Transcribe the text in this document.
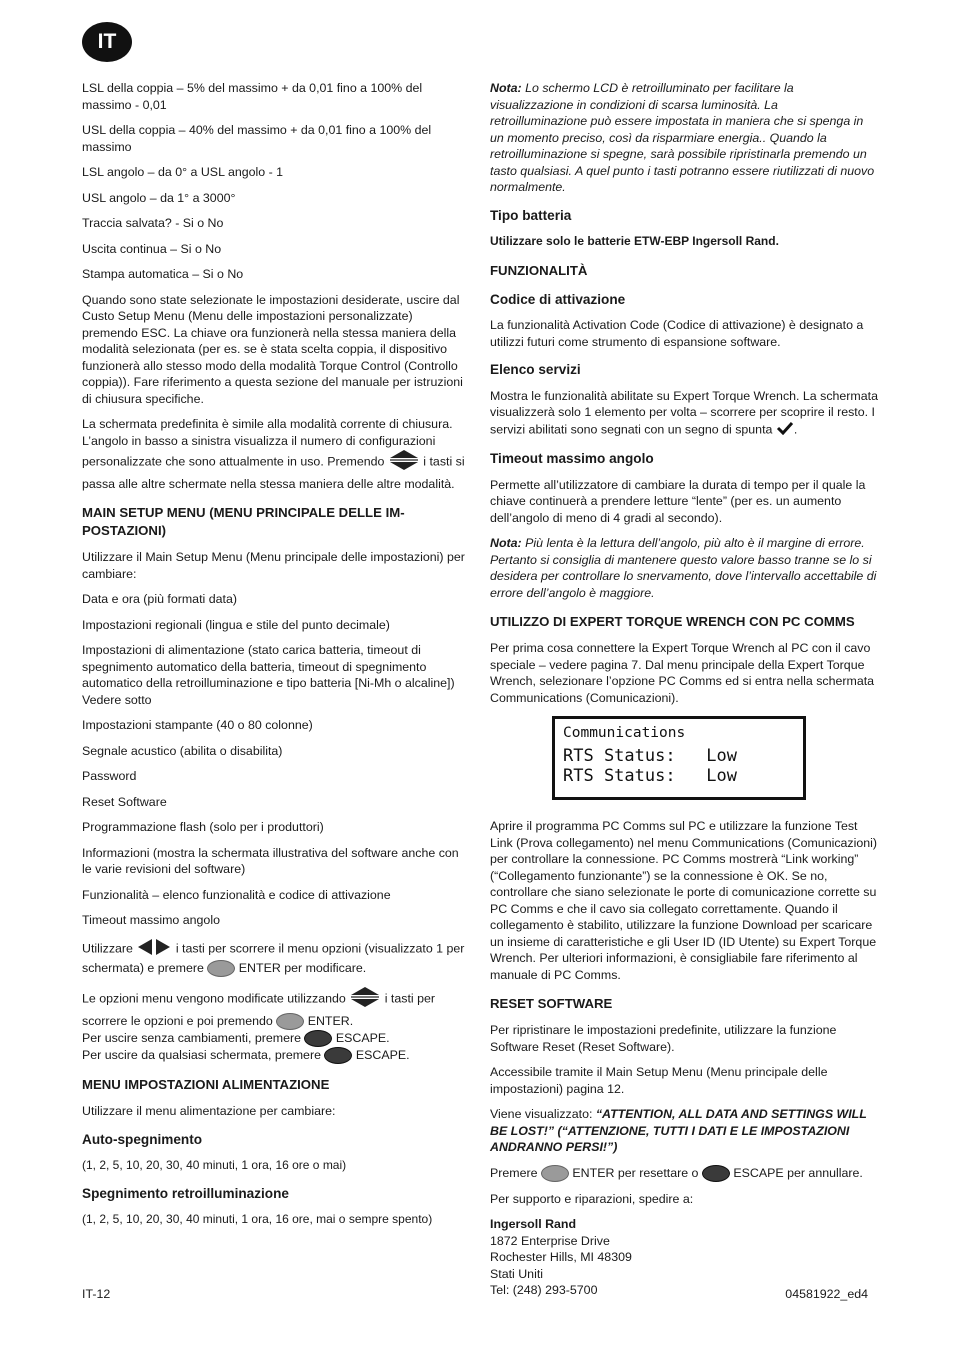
IT

LSL della coppia – 5% del massimo + da 0,01 fino a 100% del massimo - 0,01

USL della coppia – 40% del massimo + da 0,01 fino a 100% del massimo

LSL angolo – da 0° a USL angolo - 1

USL angolo – da 1° a 3000°

Traccia salvata? - Si o No

Uscita continua – Si o No

Stampa automatica – Si o No

Quando sono state selezionate le impostazioni desiderate, uscire dal Custo Setup Menu (Menu delle impostazioni personalizzate) premendo ESC. La chiave ora funzionerà nella stessa maniera della modalità selezionata (per es. se è stata scelta coppia, il dispositivo funzionerà allo stesso modo della modalità Torque Control (Controllo coppia)). Fare riferimento a questa sezione del manuale per istruzioni di chiusura specifiche.

La schermata predefinita è simile alla modalità corrente di chiusura. L’angolo in basso a sinistra visualizza il numero di configurazioni personalizzate che sono attualmente in uso. Premendo	i tasti si passa alle altre schermate nella stessa maniera delle altre modalità.

MAIN SETUP MENU (MENU PRINCIPALE DELLE IM-POSTAZIONI)

Utilizzare il Main Setup Menu (Menu principale delle impostazioni) per cambiare:

Data e ora (più formati data)

Impostazioni regionali (lingua e stile del punto decimale)

Impostazioni di alimentazione (stato carica batteria, timeout di spegnimento automatico della batteria, timeout di spegnimento automatico della retroilluminazione e tipo batteria [Ni-Mh o alcaline]) Vedere sotto

Impostazioni stampante (40 o 80 colonne)

Segnale acustico (abilita o disabilita)

Password

Reset Software

Programmazione flash (solo per i produttori)

Informazioni (mostra la schermata illustrativa del software anche con le varie revisioni del software)

Funzionalità – elenco funzionalità e codice di attivazione

Timeout massimo angolo

Utilizzare	i tasti per scorrere il menu opzioni (visualizzato 1 per schermata) e premere	ENTER per modificare.

Le opzioni menu vengono modificate utilizzando	i tasti per scorrere le opzioni e poi premendo	ENTER.
Per uscire senza cambiamenti, premere	ESCAPE.
Per uscire da qualsiasi schermata, premere	ESCAPE.
MENU IMPOSTAZIONI ALIMENTAZIONE

Utilizzare il menu alimentazione per cambiare:

Auto-spegnimento

(1, 2, 5, 10, 20, 30, 40 minuti, 1 ora, 16 ore o mai)

Spegnimento retroilluminazione

(1, 2, 5, 10, 20, 30, 40 minuti, 1 ora, 16 ore, mai o sempre spento)

Nota: Lo schermo LCD è retroilluminato per facilitare la visualizzazione in condizioni di scarsa luminosità. La retroilluminazione può essere impostata in maniera che si spenga in un momento preciso, così da risparmiare energia.. Quando la retroilluminazione si spegne, sarà possibile ripristinarla premendo un tasto qualsiasi. A quel punto i tasti potranno essere riutilizzati di nuovo normalmente.

Tipo batteria

Utilizzare solo le batterie ETW-EBP Ingersoll Rand.

FUNZIONALITÀ
Codice di attivazione

La funzionalità Activation Code (Codice di attivazione) è designato a utilizzi futuri come strumento di espansione software.

Elenco servizi

Mostra le funzionalità abilitate su Expert Torque Wrench. La schermata visualizzerà solo 1 elemento per volta – scorrere per scoprire il resto. I servizi abilitati sono segnati con un segno di spunta .

Timeout massimo angolo

Permette all’utilizzatore di cambiare la durata di tempo per il quale la chiave continuerà a prendere letture “lente” (per es. un aumento dell’angolo di meno di 4 gradi al secondo).

Nota: Più lenta è la lettura dell’angolo, più alto è il margine di errore. Pertanto si consiglia di mantenere questo valore basso tranne se lo si desidera per controllare lo snervamento, dove l’intervallo accettabile di errore dell’angolo è maggiore.

UTILIZZO DI EXPERT TORQUE WRENCH CON PC COMMS

Per prima cosa connettere la Expert Torque Wrench al PC con il cavo speciale – vedere pagina 7. Dal menu principale della Expert Torque Wrench, selezionare l’opzione PC Comms ed si entra nella schermata Communications (Comunicazioni).

Communications
RTS Status:   Low
RTS Status:   Low

Aprire il programma PC Comms sul PC e utilizzare la funzione Test Link (Prova collegamento) nel menu Communications (Comunicazioni) per controllare la connessione. PC Comms mostrerà “Link working” (“Collegamento funzionante”) se la connessione è OK. Se no, controllare che siano selezionate le porte di comunicazione corrette su PC Comms e che il cavo sia collegato correttamente. Quando il collegamento è stabilito, utilizzare la funzione Download per scaricare un insieme di caratteristiche e gli User ID (ID Utente) su Expert Torque Wrench. Per ulteriori informazioni, è consigliabile fare riferimento al manuale di PC Comms.

RESET SOFTWARE

Per ripristinare le impostazioni predefinite, utilizzare la funzione Software Reset (Reset Software).

Accessibile tramite il Main Setup Menu (Menu principale delle impostazioni) pagina 12.

Viene visualizzato: “ATTENTION, ALL DATA AND SETTINGS WILL BE LOST!” (“ATTENZIONE, TUTTI I DATI E LE IMPOSTAZIONI ANDRANNO PERSI!”)

Premere	ENTER per resettare o	ESCAPE per annullare.

Per supporto e riparazioni, spedire a:

Ingersoll Rand
1872 Enterprise Drive
Rochester Hills, MI 48309
Stati Uniti
Tel: (248) 293-5700
IT-12	04581922_ed4
